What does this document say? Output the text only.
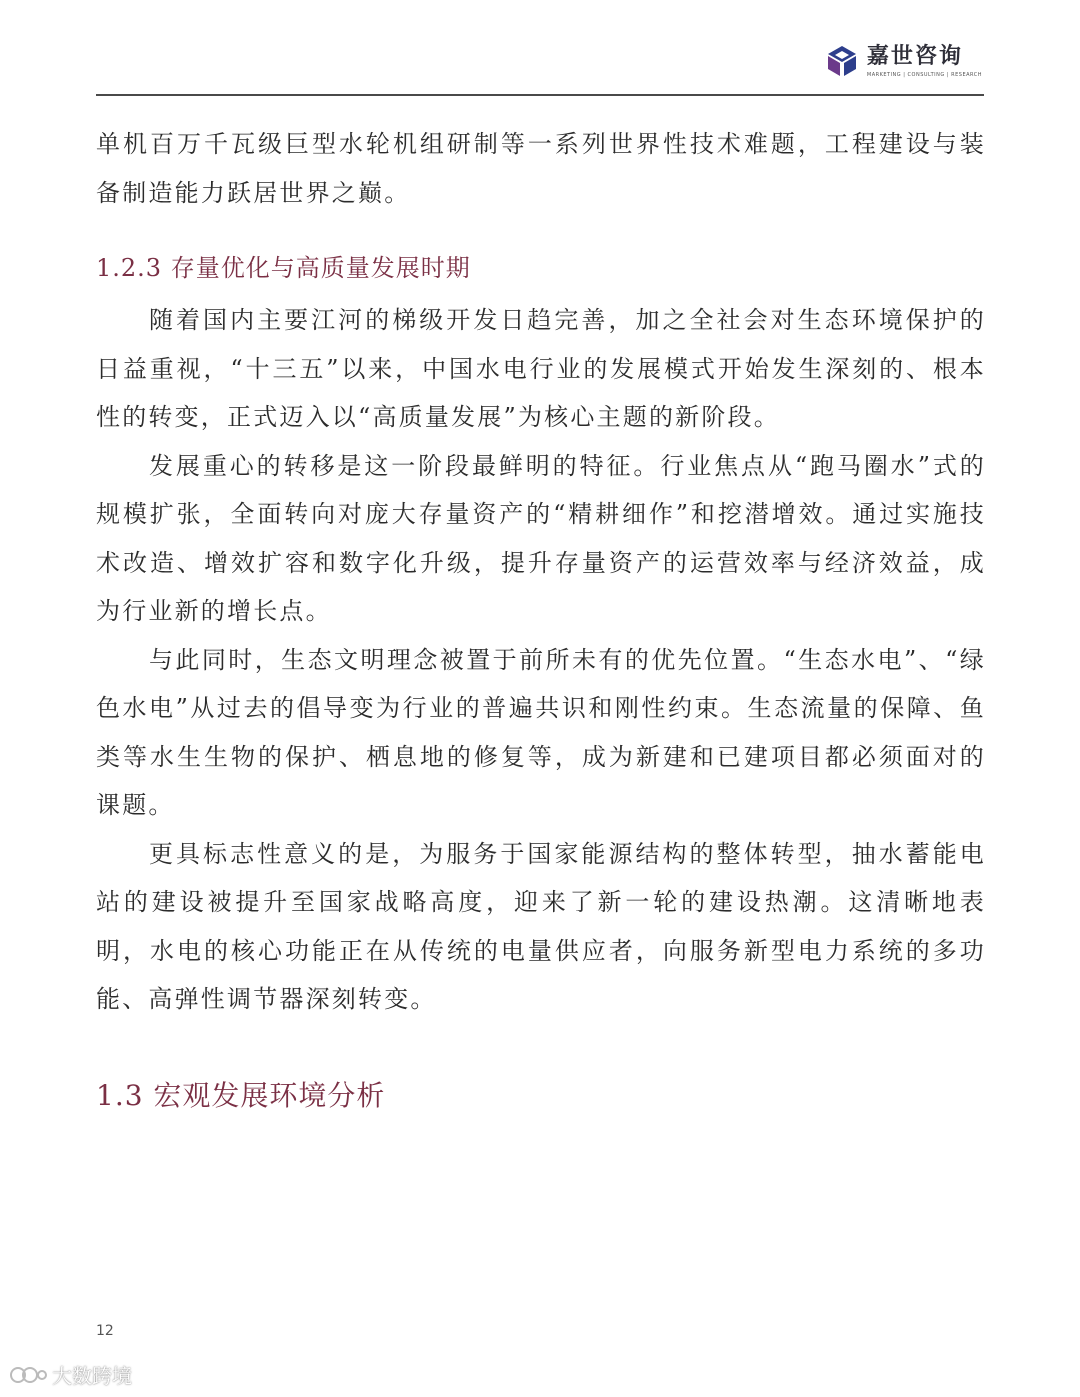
嘉世咨询
MARKETING | CONSULTING | RESEARCH

单机百万千瓦级巨型水轮机组研制等一系列世界性技术难题，工程建设与装备制造能力跃居世界之巅。

1.2.3 存量优化与高质量发展时期

随着国内主要江河的梯级开发日趋完善，加之全社会对生态环境保护的日益重视，“十三五”以来，中国水电行业的发展模式开始发生深刻的、根本性的转变，正式迈入以“高质量发展”为核心主题的新阶段。

发展重心的转移是这一阶段最鲜明的特征。行业焦点从“跑马圈水”式的规模扩张，全面转向对庞大存量资产的“精耕细作”和挖潜增效。通过实施技术改造、增效扩容和数字化升级，提升存量资产的运营效率与经济效益，成为行业新的增长点。

与此同时，生态文明理念被置于前所未有的优先位置。“生态水电”、“绿色水电”从过去的倡导变为行业的普遍共识和刚性约束。生态流量的保障、鱼类等水生生物的保护、栖息地的修复等，成为新建和已建项目都必须面对的课题。

更具标志性意义的是，为服务于国家能源结构的整体转型，抽水蓄能电站的建设被提升至国家战略高度，迎来了新一轮的建设热潮。这清晰地表明，水电的核心功能正在从传统的电量供应者，向服务新型电力系统的多功能、高弹性调节器深刻转变。

1.3 宏观发展环境分析
12
大数跨境
